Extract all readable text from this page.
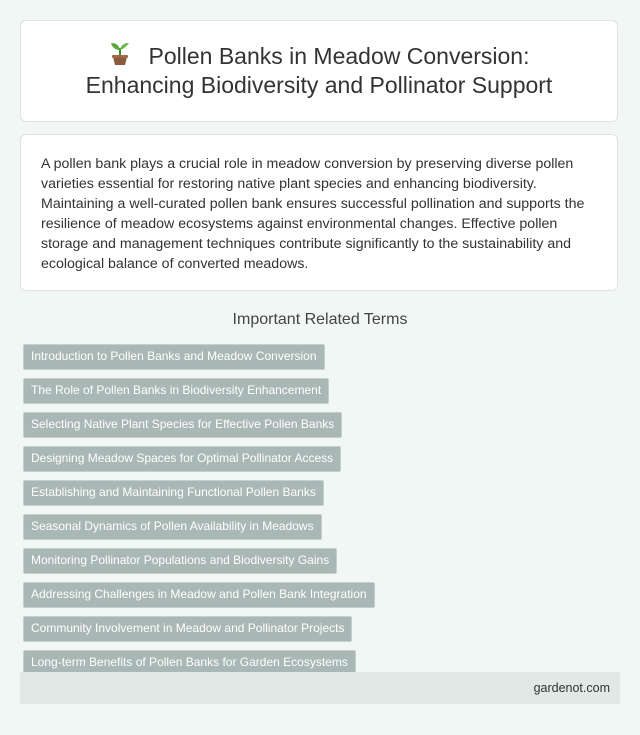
Pollen Banks in Meadow Conversion:
Enhancing Biodiversity and Pollinator Support

A pollen bank plays a crucial role in meadow conversion by preserving diverse pollen varieties essential for restoring native plant species and enhancing biodiversity. Maintaining a well-curated pollen bank ensures successful pollination and supports the resilience of meadow ecosystems against environmental changes. Effective pollen storage and management techniques contribute significantly to the sustainability and ecological balance of converted meadows.

Important Related Terms
Introduction to Pollen Banks and Meadow Conversion
The Role of Pollen Banks in Biodiversity Enhancement
Selecting Native Plant Species for Effective Pollen Banks
Designing Meadow Spaces for Optimal Pollinator Access
Establishing and Maintaining Functional Pollen Banks
Seasonal Dynamics of Pollen Availability in Meadows
Monitoring Pollinator Populations and Biodiversity Gains
Addressing Challenges in Meadow and Pollen Bank Integration
Community Involvement in Meadow and Pollinator Projects
Long-term Benefits of Pollen Banks for Garden Ecosystems
gardenot.com
